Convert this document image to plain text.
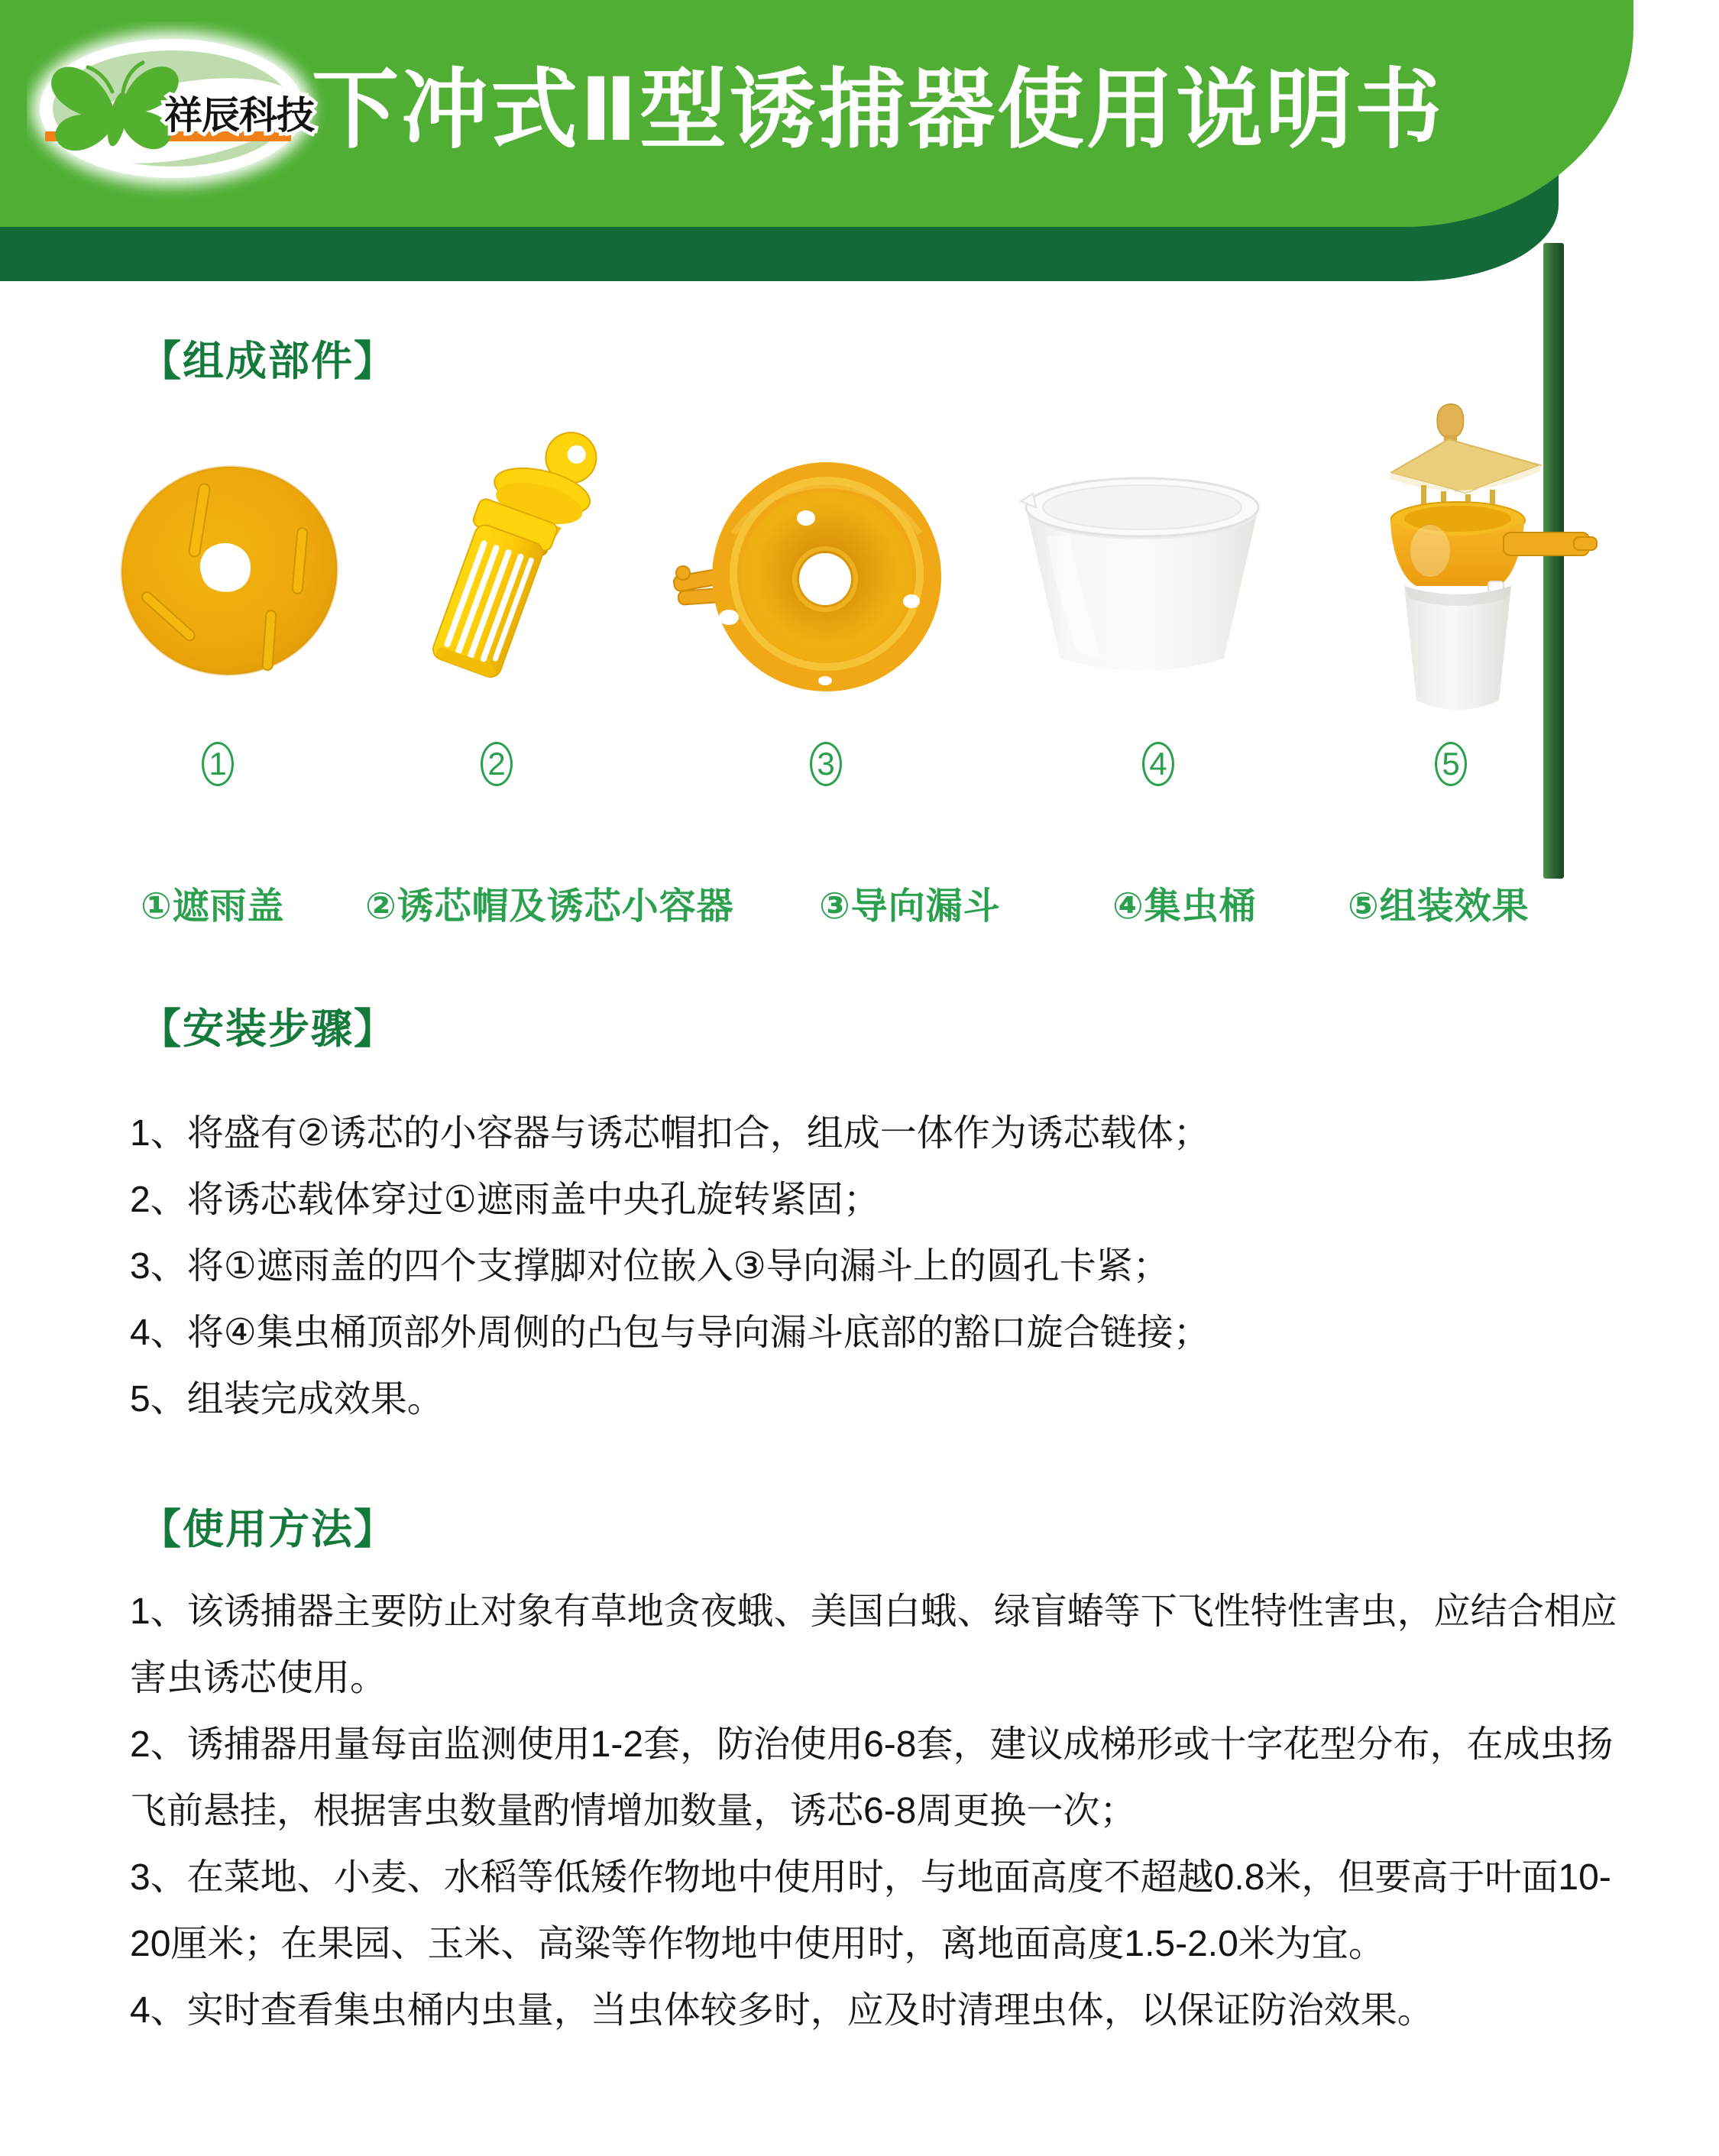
祥辰科技
下冲式Ⅱ型诱捕器使用说明书
【组成部件】
1	2	3	4	5
①遮雨盖 ②诱芯帽及诱芯小容器 ③导向漏斗	④集虫桶 ⑤组装效果
【安装步骤】
1、将盛有②诱芯的小容器与诱芯帽扣合，组成一体作为诱芯载体；
2、将诱芯载体穿过①遮雨盖中央孔旋转紧固；
3、将①遮雨盖的四个支撑脚对位嵌入③导向漏斗上的圆孔卡紧；
4、将④集虫桶顶部外周侧的凸包与导向漏斗底部的豁口旋合链接；
5、组装完成效果。
【使用方法】

1、该诱捕器主要防止对象有草地贪夜蛾、美国白蛾、绿盲蝽等下飞性特性害虫，应结合相应害虫诱芯使用。

2、诱捕器用量每亩监测使用1-2套，防治使用6-8套，建议成梯形或十字花型分布，在成虫扬飞前悬挂，根据害虫数量酌情增加数量，诱芯6-8周更换一次；

3、在菜地、小麦、水稻等低矮作物地中使用时，与地面高度不超越0.8米，但要高于叶面10-20厘米；在果园、玉米、高粱等作物地中使用时，离地面高度1.5-2.0米为宜。

4、实时查看集虫桶内虫量，当虫体较多时，应及时清理虫体，以保证防治效果。
